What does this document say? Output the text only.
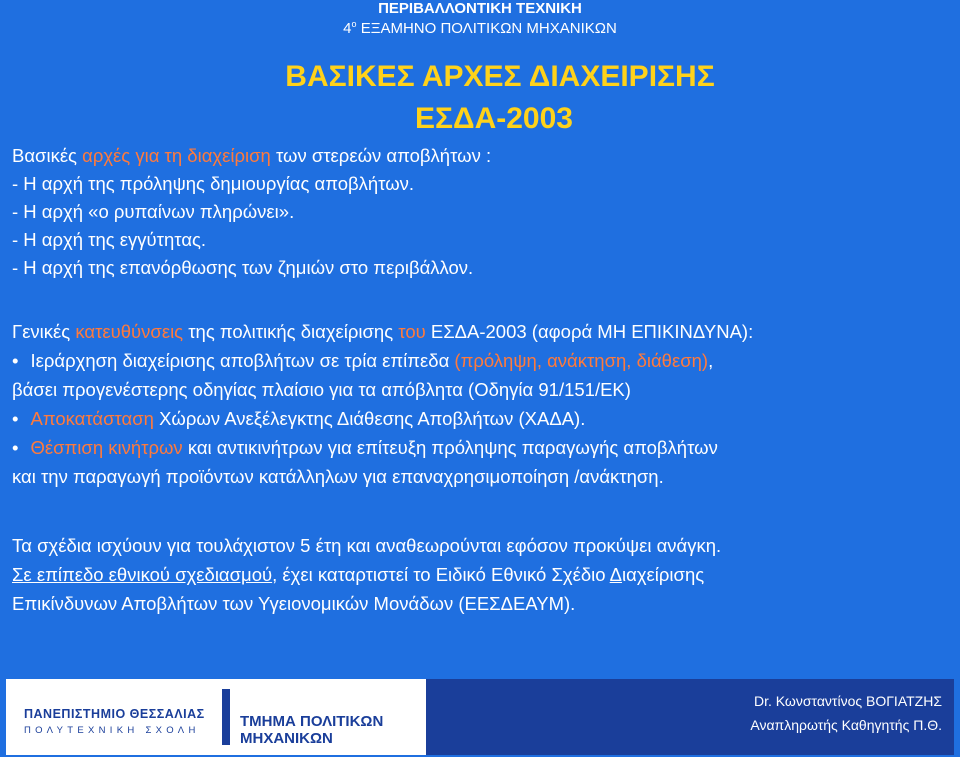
ΠΕΡΙΒΑΛΛΟΝΤΙΚΗ ΤΕΧΝΙΚΗ
$4^o$ ΕΞΑΜΗΝΟ ΠΟΛΙΤΙΚΩΝ ΜΗΧΑΝΙΚΩΝ
ΒΑΣΙΚΕΣ ΑΡΧΕΣ ΔΙΑΧΕΙΡΙΣΗΣ
ΕΣΔΑ-2003
Βασικές αρχές για τη διαχείριση των στερεών αποβλήτων :
- Η αρχή της πρόληψης δημιουργίας αποβλήτων.
- Η αρχή «ο ρυπαίνων πληρώνει».
- Η αρχή της εγγύτητας.
- Η αρχή της επανόρθωσης των ζημιών στο περιβάλλον.
Γενικές κατευθύνσεις της πολιτικής διαχείρισης του ΕΣΔΑ-2003 (αφορά ΜΗ ΕΠΙΚΙΝΔΥΝΑ):
• Ιεράρχηση διαχείρισης αποβλήτων σε τρία επίπεδα (πρόληψη, ανάκτηση, διάθεση),
βάσει προγενέστερης οδηγίας πλαίσιο για τα απόβλητα (Οδηγία 91/151/ΕΚ)
• Αποκατάσταση Χώρων Ανεξέλεγκτης Διάθεσης Αποβλήτων (ΧΑΔΑ).
• Θέσπιση κινήτρων και αντικινήτρων για επίτευξη πρόληψης παραγωγής αποβλήτων
και την παραγωγή προϊόντων κατάλληλων για επαναχρησιμοποίηση /ανάκτηση.
Τα σχέδια ισχύουν για τουλάχιστον 5 έτη και αναθεωρούνται εφόσον προκύψει ανάγκη.
Σε επίπεδο εθνικού σχεδιασμού, έχει καταρτιστεί το Ειδικό Εθνικό Σχέδιο Διαχείρισης
Επικίνδυνων Αποβλήτων των Υγειονομικών Μονάδων (ΕΕΣΔΕΑΥΜ).
ΠΑΝΕΠΙΣΤΗΜΙΟ ΘΕΣΣΑΛΙΑΣ
ΠΟΛΥΤΕΧΝΙΚΗ ΣΧΟΛΗ
ΤΜΗΜΑ ΠΟΛΙΤΙΚΩΝ ΜΗΧΑΝΙΚΩΝ
Dr. Κωνσταντίνος ΒΟΓΙΑΤΖΗΣ
Αναπληρωτής Καθηγητής Π.Θ.
